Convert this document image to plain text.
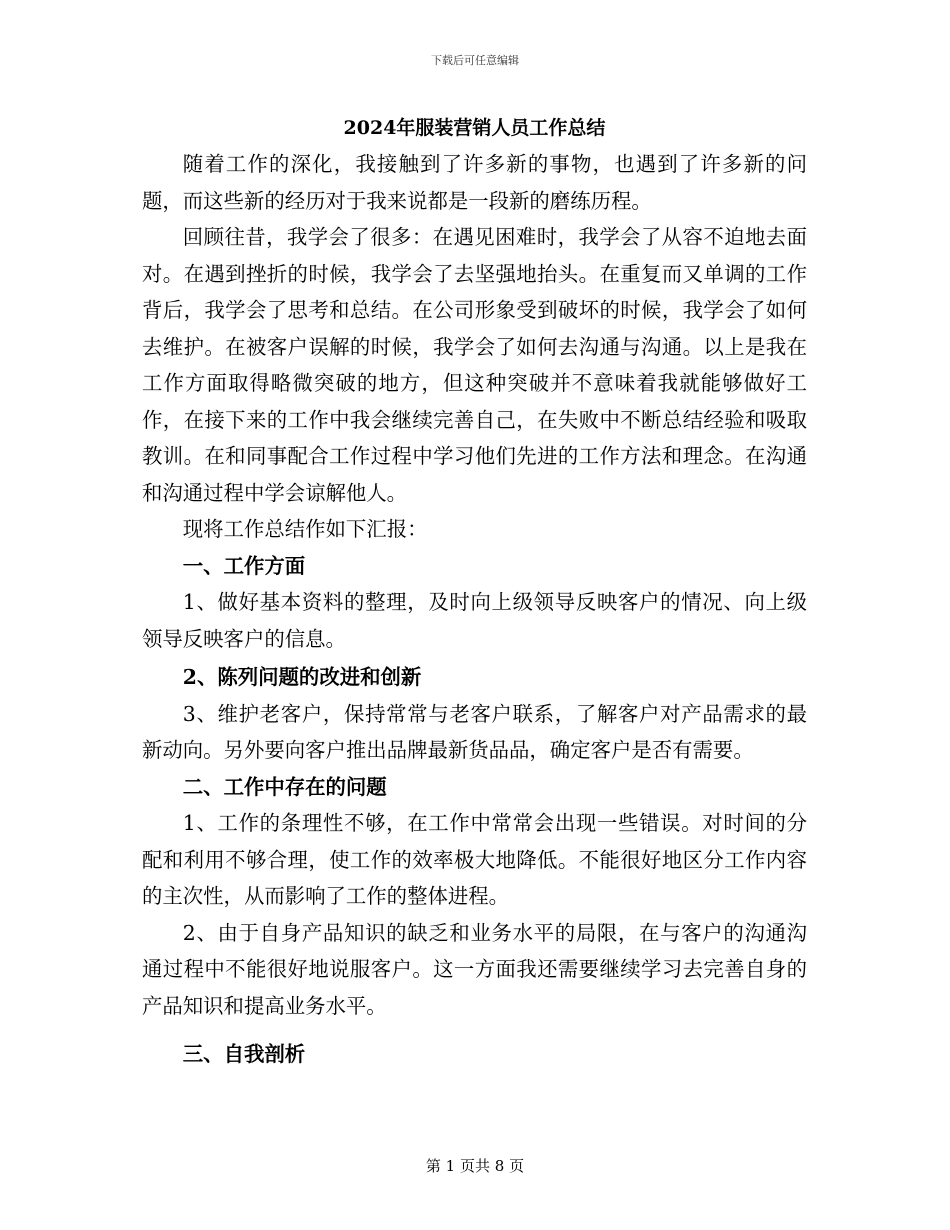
下载后可任意编辑
2024年服装营销人员工作总结

随着工作的深化，我接触到了许多新的事物，也遇到了许多新的问题，而这些新的经历对于我来说都是一段新的磨练历程。

回顾往昔，我学会了很多：在遇见困难时，我学会了从容不迫地去面对。在遇到挫折的时候，我学会了去坚强地抬头。在重复而又单调的工作背后，我学会了思考和总结。在公司形象受到破坏的时候，我学会了如何去维护。在被客户误解的时候，我学会了如何去沟通与沟通。以上是我在工作方面取得略微突破的地方，但这种突破并不意味着我就能够做好工作，在接下来的工作中我会继续完善自己，在失败中不断总结经验和吸取教训。在和同事配合工作过程中学习他们先进的工作方法和理念。在沟通和沟通过程中学会谅解他人。

现将工作总结作如下汇报：

一、工作方面

1、做好基本资料的整理，及时向上级领导反映客户的情况、向上级领导反映客户的信息。

2、陈列问题的改进和创新

3、维护老客户，保持常常与老客户联系，了解客户对产品需求的最新动向。另外要向客户推出品牌最新货品品，确定客户是否有需要。

二、工作中存在的问题

1、工作的条理性不够，在工作中常常会出现一些错误。对时间的分配和利用不够合理，使工作的效率极大地降低。不能很好地区分工作内容的主次性，从而影响了工作的整体进程。

2、由于自身产品知识的缺乏和业务水平的局限，在与客户的沟通沟通过程中不能很好地说服客户。这一方面我还需要继续学习去完善自身的产品知识和提高业务水平。

三、自我剖析

第 1 页共 8 页
